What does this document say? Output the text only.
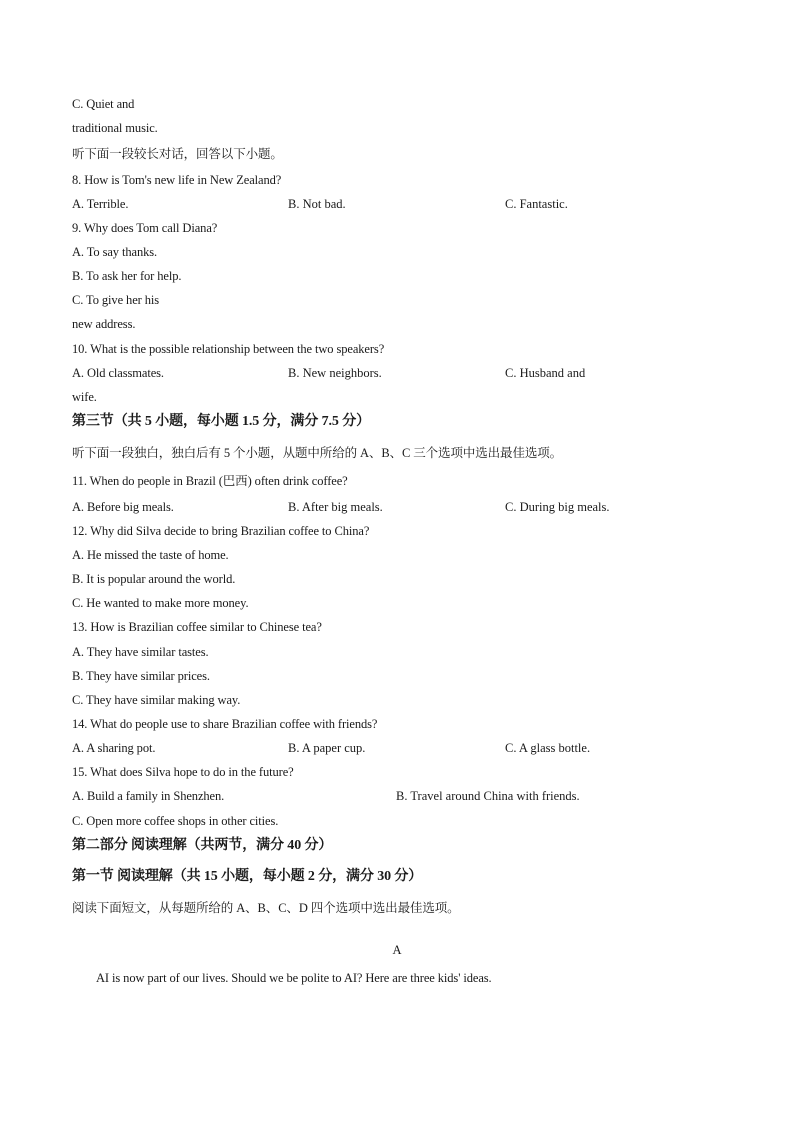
C. Quiet and
traditional music.
听下面一段较长对话，回答以下小题。
8. How is Tom's new life in New Zealand?
A. Terrible.	B. Not bad.	C. Fantastic.
9. Why does Tom call Diana?
A. To say thanks.
B. To ask her for help.
C. To give her his
new address.
10. What is the possible relationship between the two speakers?
A. Old classmates.	B. New neighbors.	C. Husband and
wife.
第三节（共 5 小题，每小题 1.5 分，满分 7.5 分）
听下面一段独白，独白后有 5 个小题，从题中所给的 A、B、C 三个选项中选出最佳选项。
11. When do people in Brazil (巴西) often drink coffee?
A. Before big meals.	B. After big meals.	C. During big meals.
12. Why did Silva decide to bring Brazilian coffee to China?
A. He missed the taste of home.
B. It is popular around the world.
C. He wanted to make more money.
13. How is Brazilian coffee similar to Chinese tea?
A. They have similar tastes.
B. They have similar prices.
C. They have similar making way.
14. What do people use to share Brazilian coffee with friends?
A. A sharing pot.	B. A paper cup.	C. A glass bottle.
15. What does Silva hope to do in the future?
A. Build a family in Shenzhen.	B. Travel around China with friends.
C. Open more coffee shops in other cities.
第二部分 阅读理解（共两节，满分 40 分）
第一节 阅读理解（共 15 小题，每小题 2 分，满分 30 分）
阅读下面短文，从每题所给的 A、B、C、D 四个选项中选出最佳选项。
A
AI is now part of our lives. Should we be polite to AI? Here are three kids' ideas.
